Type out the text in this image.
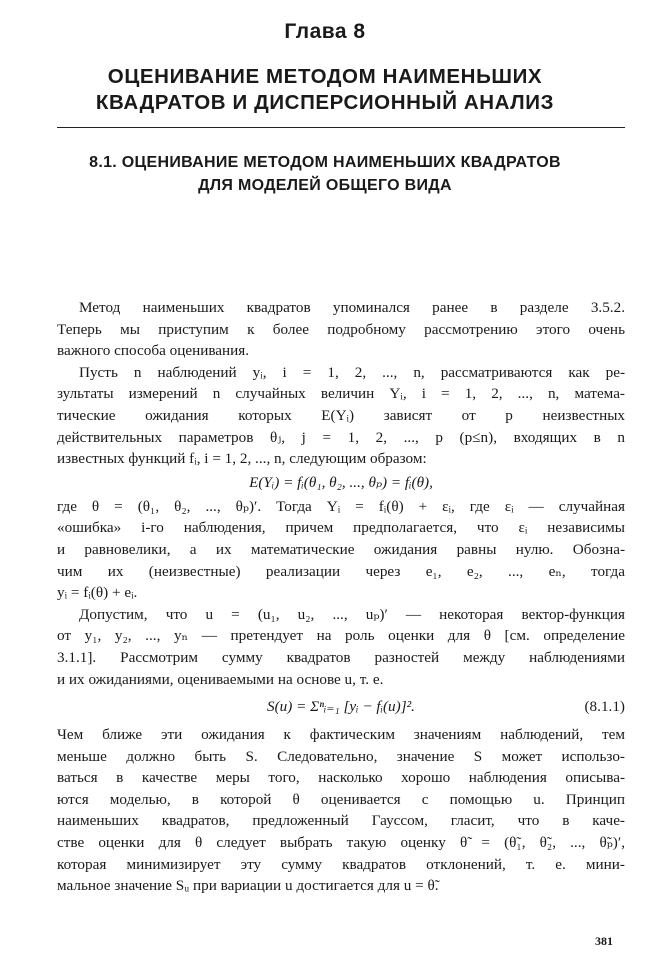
Глава 8
ОЦЕНИВАНИЕ МЕТОДОМ НАИМЕНЬШИХ
КВАДРАТОВ И ДИСПЕРСИОННЫЙ АНАЛИЗ
8.1. ОЦЕНИВАНИЕ МЕТОДОМ НАИМЕНЬШИХ КВАДРАТОВ
ДЛЯ МОДЕЛЕЙ ОБЩЕГО ВИДА
Метод наименьших квадратов упоминался ранее в разделе 3.5.2.
Теперь мы приступим к более подробному рассмотрению этого очень
важного способа оценивания.
Пусть n наблюдений yᵢ, i = 1, 2, ..., n, рассматриваются как ре-
зультаты измерений n случайных величин Yᵢ, i = 1, 2, ..., n, матема-
тические ожидания которых E(Yᵢ) зависят от p неизвестных
действительных параметров θⱼ, j = 1, 2, ..., p (p≤n), входящих в n
известных функций fᵢ, i = 1, 2, ..., n, следующим образом:
E(Yᵢ) = fᵢ(θ₁, θ₂, ..., θₚ) = fᵢ(θ),
где θ = (θ₁, θ₂, ..., θₚ)′. Тогда Yᵢ = fᵢ(θ) + εᵢ, где εᵢ — случайная
«ошибка» i-го наблюдения, причем предполагается, что εᵢ независимы
и равновелики, а их математические ожидания равны нулю. Обозна-
чим их (неизвестные) реализации через e₁, e₂, ..., eₙ, тогда
yᵢ = fᵢ(θ) + eᵢ.
Допустим, что u = (u₁, u₂, ..., uₚ)′ — некоторая вектор-функция
от y₁, y₂, ..., yₙ — претендует на роль оценки для θ [см. определение
3.1.1]. Рассмотрим сумму квадратов разностей между наблюдениями
и их ожиданиями, оцениваемыми на основе u, т. е.
S(u) = Σⁿᵢ₌₁ [yᵢ − fᵢ(u)]².	(8.1.1)
Чем ближе эти ожидания к фактическим значениям наблюдений, тем
меньше должно быть S. Следовательно, значение S может использо-
ваться в качестве меры того, насколько хорошо наблюдения описыва-
ются моделью, в которой θ оценивается с помощью u. Принцип
наименьших квадратов, предложенный Гауссом, гласит, что в каче-
стве оценки для θ следует выбрать такую оценку θ̃ = (θ̃₁, θ̃₂, ..., θ̃ₚ)′,
которая минимизирует эту сумму квадратов отклонений, т. е. мини-
мальное значение Sᵤ при вариации u достигается для u = θ̃.
381
